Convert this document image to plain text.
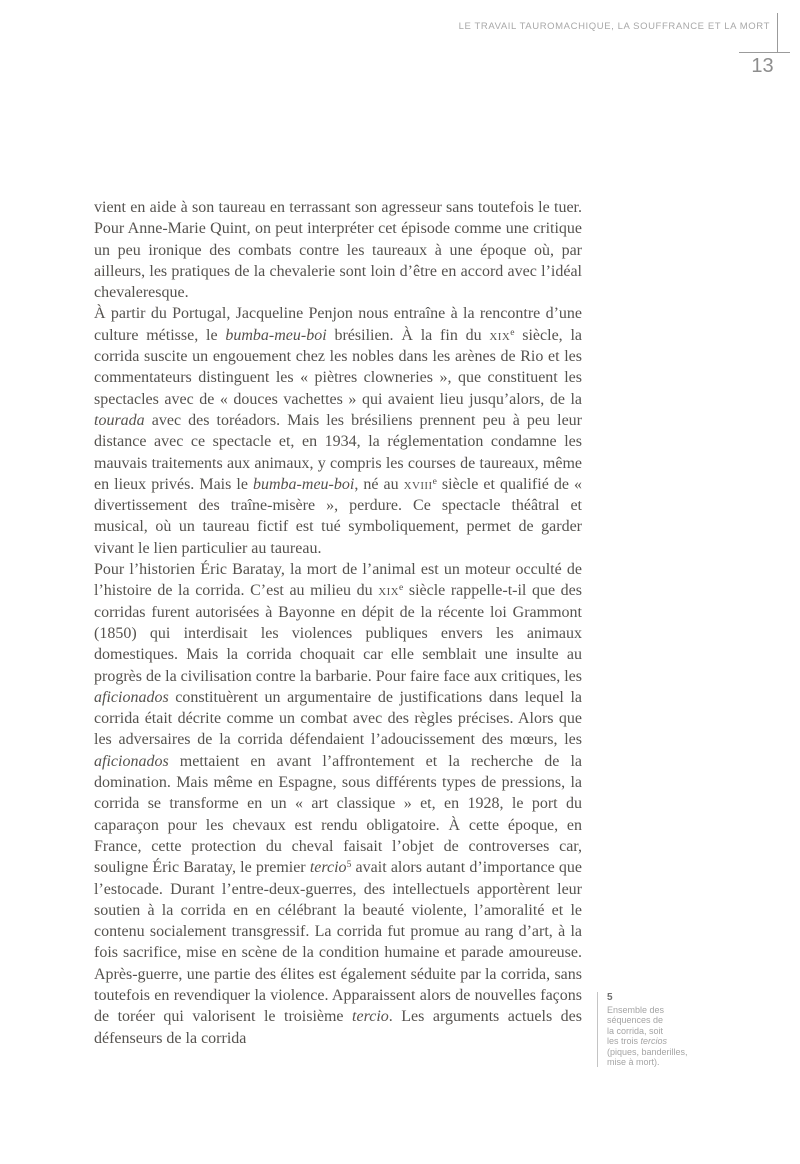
LE TRAVAIL TAUROMACHIQUE, LA SOUFFRANCE ET LA MORT
13

vient en aide à son taureau en terrassant son agresseur sans toutefois le tuer. Pour Anne-Marie Quint, on peut interpréter cet épisode comme une critique un peu ironique des combats contre les taureaux à une époque où, par ailleurs, les pratiques de la chevalerie sont loin d’être en accord avec l’idéal chevaleresque.

À partir du Portugal, Jacqueline Penjon nous entraîne à la rencontre d’une culture métisse, le bumba-meu-boi brésilien. À la fin du xix$^e$ siècle, la corrida suscite un engouement chez les nobles dans les arènes de Rio et les commentateurs distinguent les « piètres clowneries », que constituent les spectacles avec de « douces vachettes » qui avaient lieu jusqu’alors, de la tourada avec des toréadors. Mais les brésiliens prennent peu à peu leur distance avec ce spectacle et, en 1934, la réglementation condamne les mauvais traitements aux animaux, y compris les courses de taureaux, même en lieux privés. Mais le bumba-meu-boi, né au xviii$^e$ siècle et qualifié de « divertissement des traîne-misère », perdure. Ce spectacle théâtral et musical, où un taureau fictif est tué symboliquement, permet de garder vivant le lien particulier au taureau.

Pour l’historien Éric Baratay, la mort de l’animal est un moteur occulté de l’histoire de la corrida. C’est au milieu du xix$^e$ siècle rappelle-t-il que des corridas furent autorisées à Bayonne en dépit de la récente loi Grammont (1850) qui interdisait les violences publiques envers les animaux domestiques. Mais la corrida choquait car elle semblait une insulte au progrès de la civilisation contre la barbarie. Pour faire face aux critiques, les aficionados constituèrent un argumentaire de justifications dans lequel la corrida était décrite comme un combat avec des règles précises. Alors que les adversaires de la corrida défendaient l’adoucissement des mœurs, les aficionados mettaient en avant l’affrontement et la recherche de la domination. Mais même en Espagne, sous différents types de pressions, la corrida se transforme en un « art classique » et, en 1928, le port du caparaçon pour les chevaux est rendu obligatoire. À cette époque, en France, cette protection du cheval faisait l’objet de controverses car, souligne Éric Baratay, le premier tercio$^5$ avait alors autant d’importance que l’estocade. Durant l’entre-deux-guerres, des intellectuels apportèrent leur soutien à la corrida en en célébrant la beauté violente, l’amoralité et le contenu socialement transgressif. La corrida fut promue au rang d’art, à la fois sacrifice, mise en scène de la condition humaine et parade amoureuse. Après-guerre, une partie des élites est également séduite par la corrida, sans toutefois en revendiquer la violence. Apparaissent alors de nouvelles façons de toréer qui valorisent le troisième tercio. Les arguments actuels des défenseurs de la corrida

5
Ensemble des
séquences de
la corrida, soit
les trois tercios
(piques, banderilles,
mise à mort).
